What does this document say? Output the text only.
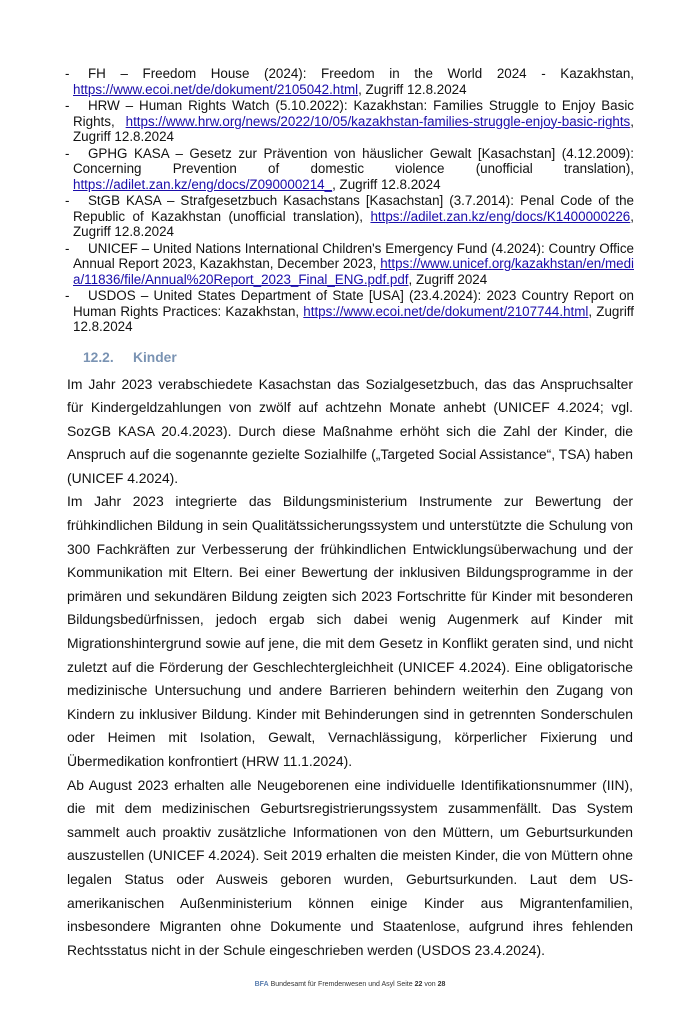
- FH – Freedom House (2024): Freedom in the World 2024 - Kazakhstan, https://www.ecoi.net/de/dokument/2105042.html, Zugriff 12.8.2024
- HRW – Human Rights Watch (5.10.2022): Kazakhstan: Families Struggle to Enjoy Basic Rights, https://www.hrw.org/news/2022/10/05/kazakhstan-families-struggle-enjoy-basic-rights, Zugriff 12.8.2024
- GPHG KASA – Gesetz zur Prävention von häuslicher Gewalt [Kasachstan] (4.12.2009): Concerning Prevention of domestic violence (unofficial translation), https://adilet.zan.kz/eng/docs/Z090000214_, Zugriff 12.8.2024
- StGB KASA – Strafgesetzbuch Kasachstans [Kasachstan] (3.7.2014): Penal Code of the Republic of Kazakhstan (unofficial translation), https://adilet.zan.kz/eng/docs/K1400000226, Zugriff 12.8.2024
- UNICEF – United Nations International Children's Emergency Fund (4.2024): Country Office Annual Report 2023, Kazakhstan, December 2023, https://www.unicef.org/kazakhstan/en/media/11836/file/Annual%20Report_2023_Final_ENG.pdf.pdf, Zugriff 2024
- USDOS – United States Department of State [USA] (23.4.2024): 2023 Country Report on Human Rights Practices: Kazakhstan, https://www.ecoi.net/de/dokument/2107744.html, Zugriff 12.8.2024
12.2. Kinder

Im Jahr 2023 verabschiedete Kasachstan das Sozialgesetzbuch, das das Anspruchsalter für Kindergeldzahlungen von zwölf auf achtzehn Monate anhebt (UNICEF 4.2024; vgl. SozGB KASA 20.4.2023). Durch diese Maßnahme erhöht sich die Zahl der Kinder, die Anspruch auf die sogenannte gezielte Sozialhilfe („Targeted Social Assistance“, TSA) haben (UNICEF 4.2024).

Im Jahr 2023 integrierte das Bildungsministerium Instrumente zur Bewertung der frühkindlichen Bildung in sein Qualitätssicherungssystem und unterstützte die Schulung von 300 Fachkräften zur Verbesserung der frühkindlichen Entwicklungsüberwachung und der Kommunikation mit Eltern. Bei einer Bewertung der inklusiven Bildungsprogramme in der primären und sekundären Bildung zeigten sich 2023 Fortschritte für Kinder mit besonderen Bildungsbedürfnissen, jedoch ergab sich dabei wenig Augenmerk auf Kinder mit Migrationshintergrund sowie auf jene, die mit dem Gesetz in Konflikt geraten sind, und nicht zuletzt auf die Förderung der Geschlechtergleichheit (UNICEF 4.2024). Eine obligatorische medizinische Untersuchung und andere Barrieren behindern weiterhin den Zugang von Kindern zu inklusiver Bildung. Kinder mit Behinderungen sind in getrennten Sonderschulen oder Heimen mit Isolation, Gewalt, Vernachlässigung, körperlicher Fixierung und Übermedikation konfrontiert (HRW 11.1.2024).

Ab August 2023 erhalten alle Neugeborenen eine individuelle Identifikationsnummer (IIN), die mit dem medizinischen Geburtsregistrierungssystem zusammenfällt. Das System sammelt auch proaktiv zusätzliche Informationen von den Müttern, um Geburtsurkunden auszustellen (UNICEF 4.2024). Seit 2019 erhalten die meisten Kinder, die von Müttern ohne legalen Status oder Ausweis geboren wurden, Geburtsurkunden. Laut dem US-amerikanischen Außenministerium können einige Kinder aus Migrantenfamilien, insbesondere Migranten ohne Dokumente und Staatenlose, aufgrund ihres fehlenden Rechtsstatus nicht in der Schule eingeschrieben werden (USDOS 23.4.2024).

BFA Bundesamt für Fremdenwesen und Asyl Seite 22 von 28
